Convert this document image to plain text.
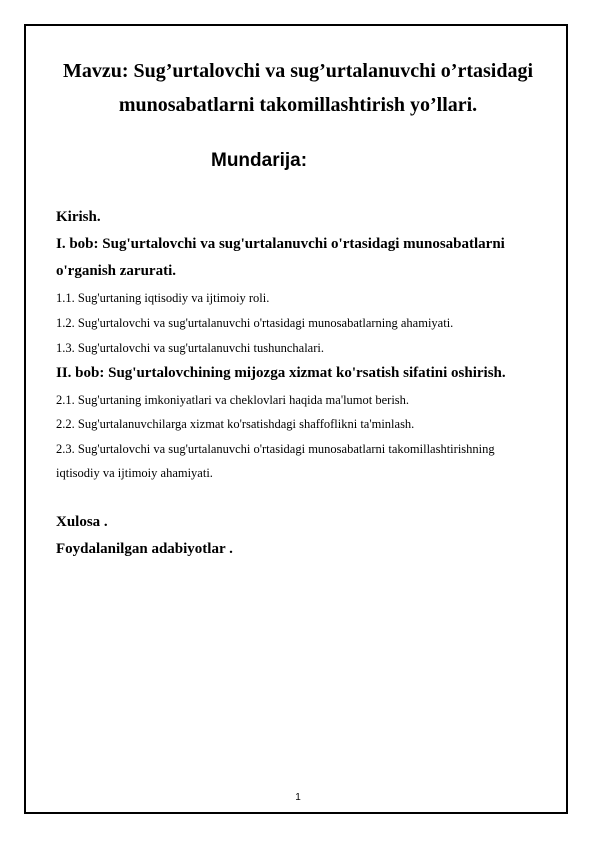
Mavzu: Sug’urtalovchi va sug’urtalanuvchi o’rtasidagi
munosabatlarni takomillashtirish yo’llari.
Mundarija:
Kirish.
I. bob: Sug'urtalovchi va sug'urtalanuvchi o'rtasidagi munosabatlarni
o'rganish zarurati.
1.1. Sug'urtaning iqtisodiy va ijtimoiy roli.
1.2. Sug'urtalovchi va sug'urtalanuvchi o'rtasidagi munosabatlarning ahamiyati.
1.3. Sug'urtalovchi va sug'urtalanuvchi tushunchalari.
II. bob: Sug'urtalovchining mijozga xizmat ko'rsatish sifatini oshirish.
2.1. Sug'urtaning imkoniyatlari va cheklovlari haqida ma'lumot berish.
2.2. Sug'urtalanuvchilarga xizmat ko'rsatishdagi shaffoflikni ta'minlash.
2.3. Sug'urtalovchi va sug'urtalanuvchi o'rtasidagi munosabatlarni takomillashtirishning
iqtisodiy va ijtimoiy ahamiyati.
Xulosa .
Foydalanilgan adabiyotlar .
1
